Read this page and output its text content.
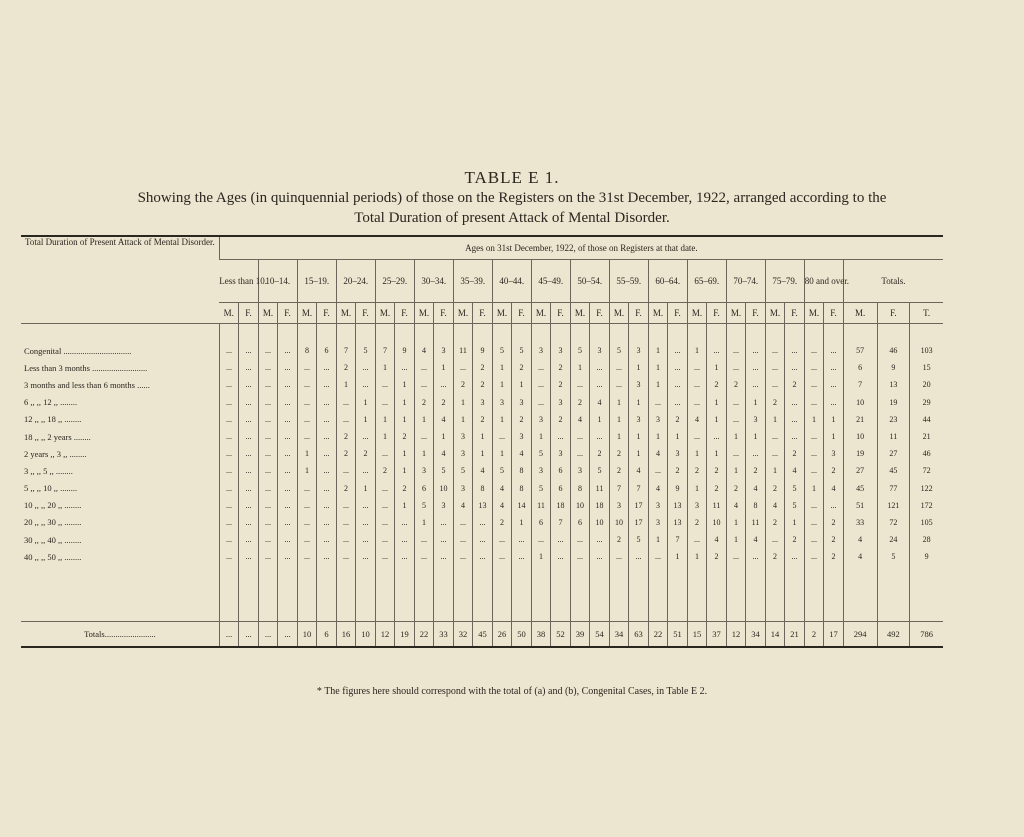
TABLE E 1.
Showing the Ages (in quinquennial periods) of those on the Registers on the 31st December, 1922, arranged according to the
Total Duration of present Attack of Mental Disorder.
Total Duration of Present Attack of Mental Disorder.	Ages on 31st December, 1922, of those on Registers at that date.																																		
	Less than 10.		10–14.		15–19.		20–24.		25–29.		30–34.		35–39.		40–44.		45–49.		50–54.		55–59.		60–64.		65–69.		70–74.		75–79.		80 and over.		Totals.		
	M.	F.	M.	F.	M.	F.	M.	F.	M.	F.	M.	F.	M.	F.	M.	F.	M.	F.	M.	F.	M.	F.	M.	F.	M.	F.	M.	F.	M.	F.	M.	F.	M.	F.	T.

Congenital ................................	...	...	...	...	8	6	7	5	7	9	4	3	11	9	5	5	3	3	5	3	5	3	1	...	1	...	...	...	...	...	...	...	57	46	103
Less than 3 months ..........................	...	...	...	...	...	...	2	...	1	...	...	1	...	2	1	2	...	2	1	...	...	1	1	...	...	1	...	...	...	...	...	...	6	9	15
3 months and less than 6 months ......	...	...	...	...	...	...	1	...	...	1	...	...	2	2	1	1	...	2	...	...	...	3	1	...	...	2	2	...	...	2	...	...	7	13	20
6 ,, ,, 12 ,, ........	...	...	...	...	...	...	...	1	...	1	2	2	1	3	3	3	...	3	2	4	1	1	...	...	...	1	...	1	2	...	...	...	10	19	29
12 ,, ,, 18 ,, ........	...	...	...	...	...	...	...	1	1	1	1	4	1	2	1	2	3	2	4	1	1	3	3	2	4	1	...	3	1	...	1	1	21	23	44
18 ,, ,, 2 years ........	...	...	...	...	...	...	2	...	1	2	...	1	3	1	...	3	1	...	...	...	1	1	1	1	...	...	1	1	...	...	...	1	10	11	21
2 years ,, 3 ,, ........	...	...	...	...	1	...	2	2	...	1	1	4	3	1	1	4	5	3	...	2	2	1	4	3	1	1	...	...	...	2	...	3	19	27	46
3 ,, ,, 5 ,, ........	...	...	...	...	1	...	...	...	2	1	3	5	5	4	5	8	3	6	3	5	2	4	...	2	2	2	1	2	1	4	...	2	27	45	72
5 ,, ,, 10 ,, ........	...	...	...	...	...	...	2	1	...	2	6	10	3	8	4	8	5	6	8	11	7	7	4	9	1	2	2	4	2	5	1	4	45	77	122
10 ,, ,, 20 ,, ........	...	...	...	...	...	...	...	...	...	1	5	3	4	13	4	14	11	18	10	18	3	17	3	13	3	11	4	8	4	5	...	...	51	121	172
20 ,, ,, 30 ,, ........	...	...	...	...	...	...	...	...	...	...	1	...	...	...	2	1	6	7	6	10	10	17	3	13	2	10	1	11	2	1	...	2	33	72	105
30 ,, ,, 40 ,, ........	...	...	...	...	...	...	...	...	...	...	...	...	...	...	...	...	...	...	...	...	2	5	1	7	...	4	1	4	...	2	...	2	4	24	28
40 ,, ,, 50 ,, ........	...	...	...	...	...	...	...	...	...	...	...	...	...	...	...	...	1	...	...	...	...	...	...	1	1	2	...	...	2	...	...	2	4	5	9

Totals........................	...	...	...	...	10	6	16	10	12	19	22	33	32	45	26	50	38	52	39	54	34	63	22	51	15	37	12	34	14	21	2	17	294	492	786
* The figures here should correspond with the total of (a) and (b), Congenital Cases, in Table E 2.
